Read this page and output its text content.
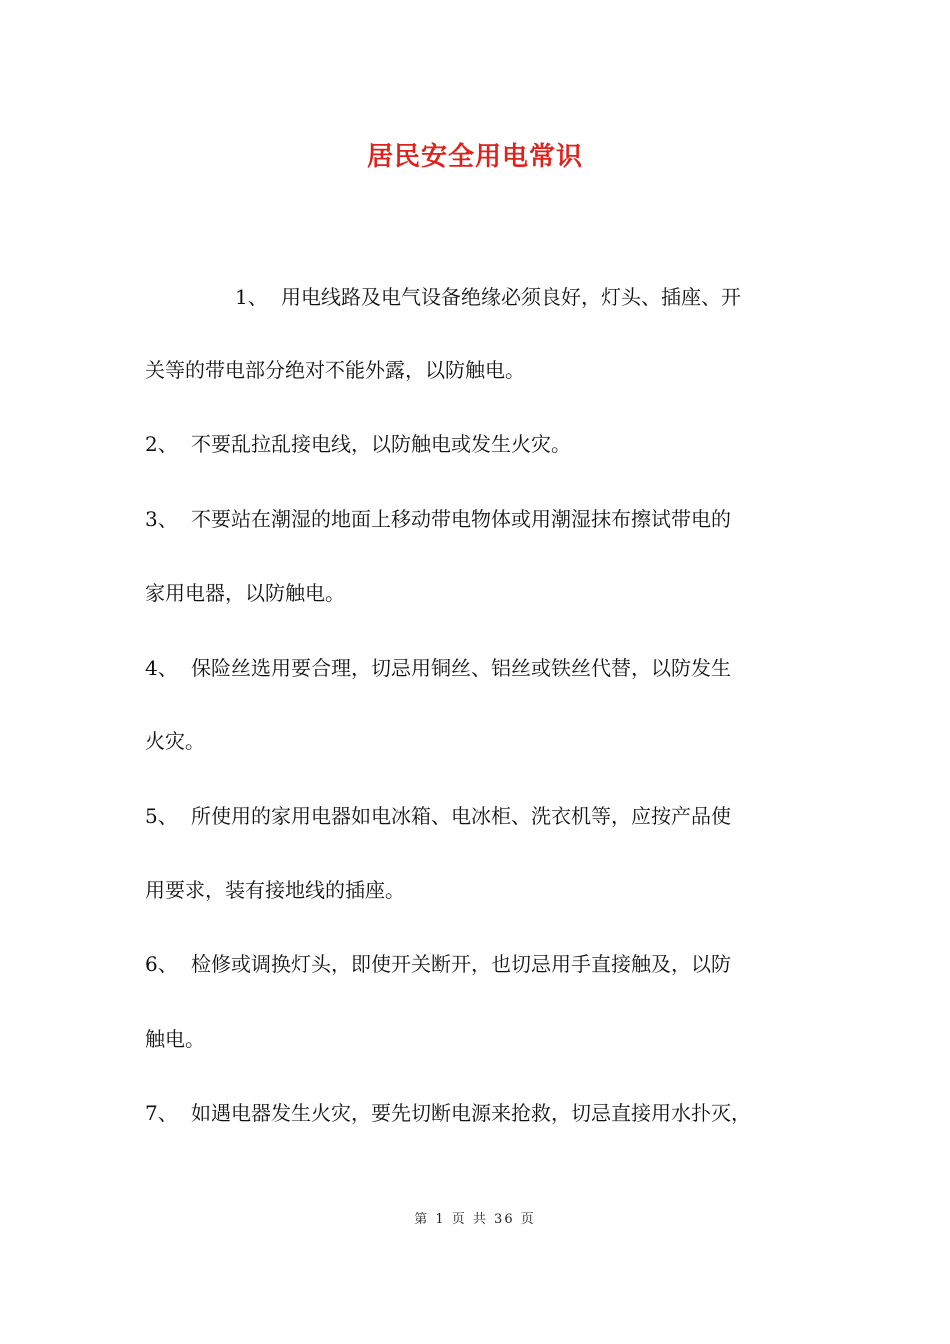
居民安全用电常识
1、 用电线路及电气设备绝缘必须良好，灯头、插座、开
关等的带电部分绝对不能外露，以防触电。
2、 不要乱拉乱接电线，以防触电或发生火灾。
3、 不要站在潮湿的地面上移动带电物体或用潮湿抹布擦试带电的
家用电器，以防触电。
4、 保险丝选用要合理，切忌用铜丝、铝丝或铁丝代替，以防发生
火灾。
5、 所使用的家用电器如电冰箱、电冰柜、洗衣机等，应按产品使
用要求，装有接地线的插座。
6、 检修或调换灯头，即使开关断开，也切忌用手直接触及，以防
触电。
7、 如遇电器发生火灾，要先切断电源来抢救，切忌直接用水扑灭，
第 1 页 共 36 页
